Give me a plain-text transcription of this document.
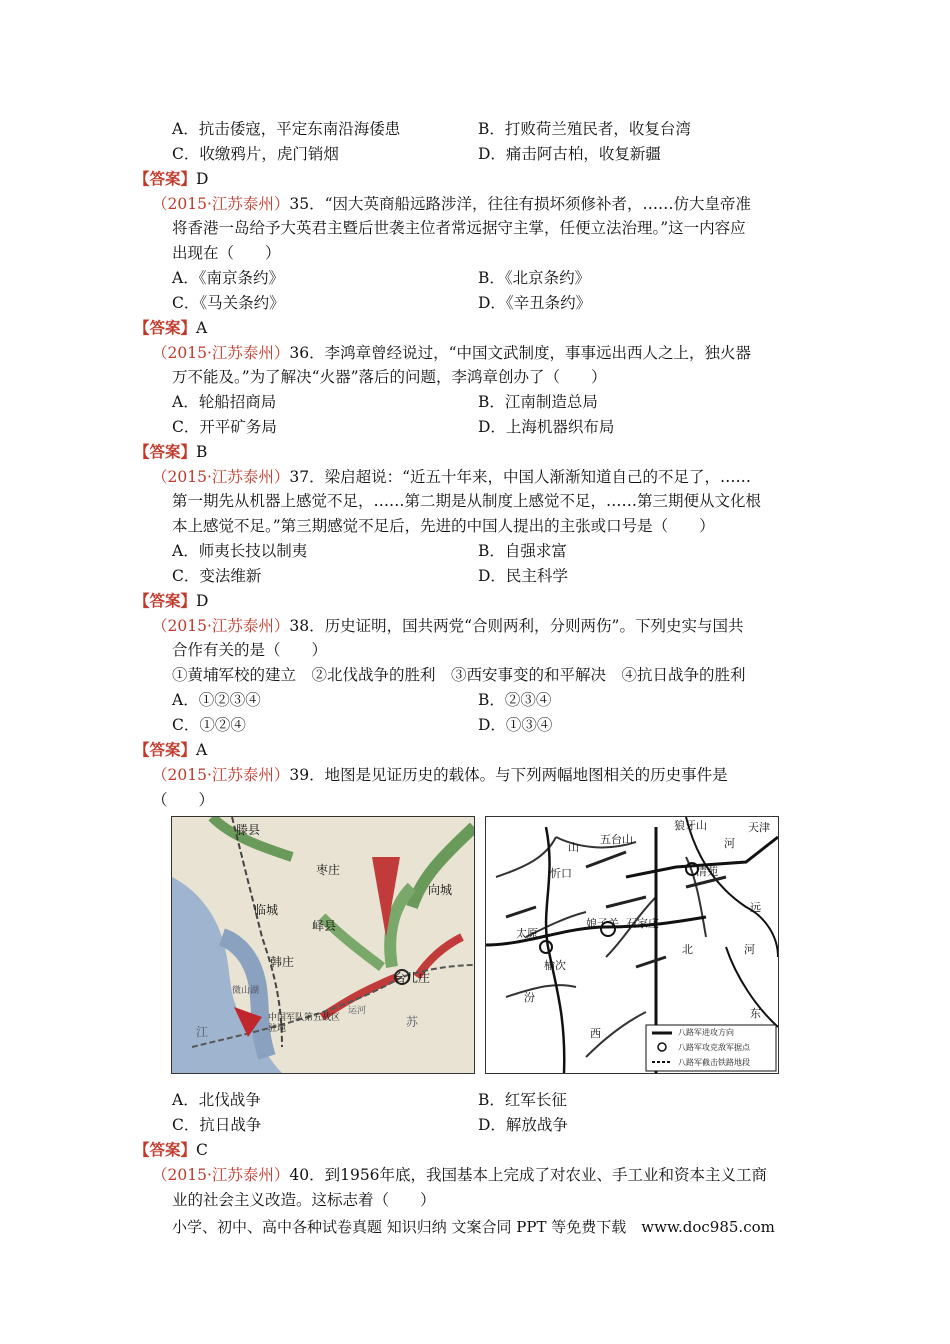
A．抗击倭寇，平定东南沿海倭患	B．打败荷兰殖民者，收复台湾
C．收缴鸦片，虎门销烟	D．痛击阿古柏，收复新疆
【答案】D
（2015·江苏泰州）35．“因大英商船远路涉洋，往往有损坏须修补者，……仿大皇帝准
将香港一岛给予大英君主暨后世袭主位者常远据守主掌，任便立法治理。”这一内容应
出现在（　　）
A．《南京条约》	B．《北京条约》
C．《马关条约》	D．《辛丑条约》
【答案】A
（2015·江苏泰州）36．李鸿章曾经说过，“中国文武制度，事事远出西人之上，独火器
万不能及。”为了解决“火器”落后的问题，李鸿章创办了（　　）
A．轮船招商局	B．江南制造总局
C．开平矿务局	D．上海机器织布局
【答案】B
（2015·江苏泰州）37．梁启超说：“近五十年来，中国人渐渐知道自己的不足了，……
第一期先从机器上感觉不足，……第二期是从制度上感觉不足，……第三期便从文化根
本上感觉不足。”第三期感觉不足后，先进的中国人提出的主张或口号是（　　）
A．师夷长技以制夷	B．自强求富
C．变法维新	D．民主科学
【答案】D
（2015·江苏泰州）38．历史证明，国共两党“合则两利，分则两伤”。下列史实与国共
合作有关的是（　　）
①黄埔军校的建立　②北伐战争的胜利　③西安事变的和平解决　④抗日战争的胜利
A．①②③④	B．②③④
C．①②④	D．①③④
【答案】A
（2015·江苏泰州）39．地图是见证历史的载体。与下列两幅地图相关的历史事件是
（　　）
滕县
枣庄
向城
临城
峄县
韩庄
台儿庄
中国军队第五战区驻地
微山湖
江
苏
运河
五台山
狼牙山	天津
清苑
河
忻口
娘子关
太原
石家庄
北
榆次
汾
西
山
东
远
河
八路军进攻方向
八路军攻克敌军据点
八路军截击铁路地段
A．北伐战争	B．红军长征
C．抗日战争	D．解放战争
【答案】C
（2015·江苏泰州）40．到1956年底，我国基本上完成了对农业、手工业和资本主义工商
业的社会主义改造。这标志着（　　）
小学、初中、高中各种试卷真题 知识归纳 文案合同 PPT 等免费下载　www.doc985.com
